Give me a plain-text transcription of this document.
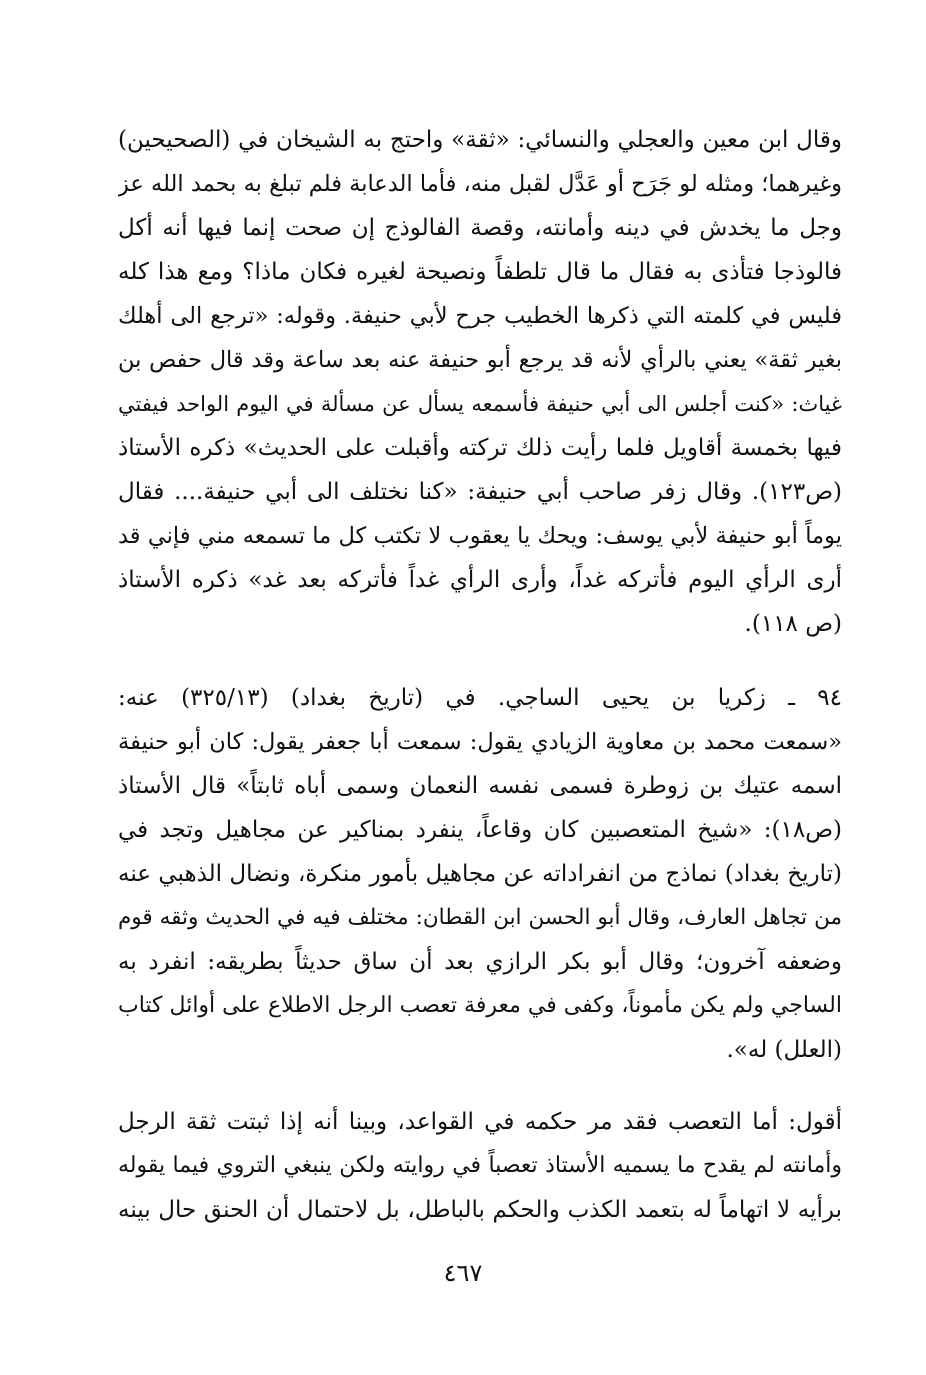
وقال ابن معين والعجلي والنسائي: «ثقة» واحتج به الشيخان في (الصحيحين)
وغيرهما؛ ومثله لو جَرَح أو عَدَّل لقبل منه، فأما الدعابة فلم تبلغ به بحمد الله عز
وجل ما يخدش في دينه وأمانته، وقصة الفالوذج إن صحت إنما فيها أنه أكل
فالوذجا فتأذى به فقال ما قال تلطفاً ونصيحة لغيره فكان ماذا؟ ومع هذا كله
فليس في كلمته التي ذكرها الخطيب جرح لأبي حنيفة. وقوله: «ترجع الى أهلك
بغير ثقة» يعني بالرأي لأنه قد يرجع أبو حنيفة عنه بعد ساعة وقد قال حفص بن
غياث: «كنت أجلس الى أبي حنيفة فأسمعه يسأل عن مسألة في اليوم الواحد فيفتي
فيها بخمسة أقاويل فلما رأيت ذلك تركته وأقبلت على الحديث» ذكره الأستاذ
(ص١٢٣). وقال زفر صاحب أبي حنيفة: «كنا نختلف الى أبي حنيفة.... فقال
يوماً أبو حنيفة لأبي يوسف: ويحك يا يعقوب لا تكتب كل ما تسمعه مني فإني قد
أرى الرأي اليوم فأتركه غداً، وأرى الرأي غداً فأتركه بعد غد» ذكره الأستاذ
(ص ١١٨).
٩٤ ـ زكريا بن يحيى الساجي. في (تاريخ بغداد) (٣٢٥/١٣) عنه:
«سمعت محمد بن معاوية الزيادي يقول: سمعت أبا جعفر يقول: كان أبو حنيفة
اسمه عتيك بن زوطرة فسمى نفسه النعمان وسمى أباه ثابتاً» قال الأستاذ
(ص١٨): «شيخ المتعصبين كان وقاعاً، ينفرد بمناكير عن مجاهيل وتجد في
(تاريخ بغداد) نماذج من انفراداته عن مجاهيل بأمور منكرة، ونضال الذهبي عنه
من تجاهل العارف، وقال أبو الحسن ابن القطان: مختلف فيه في الحديث وثقه قوم
وضعفه آخرون؛ وقال أبو بكر الرازي بعد أن ساق حديثاً بطريقه: انفرد به
الساجي ولم يكن مأموناً، وكفى في معرفة تعصب الرجل الاطلاع على أوائل كتاب
(العلل) له».
أقول: أما التعصب فقد مر حكمه في القواعد، وبينا أنه إذا ثبتت ثقة الرجل
وأمانته لم يقدح ما يسميه الأستاذ تعصباً في روايته ولكن ينبغي التروي فيما يقوله
برأيه لا اتهاماً له بتعمد الكذب والحكم بالباطل، بل لاحتمال أن الحنق حال بينه
٤٦٧
